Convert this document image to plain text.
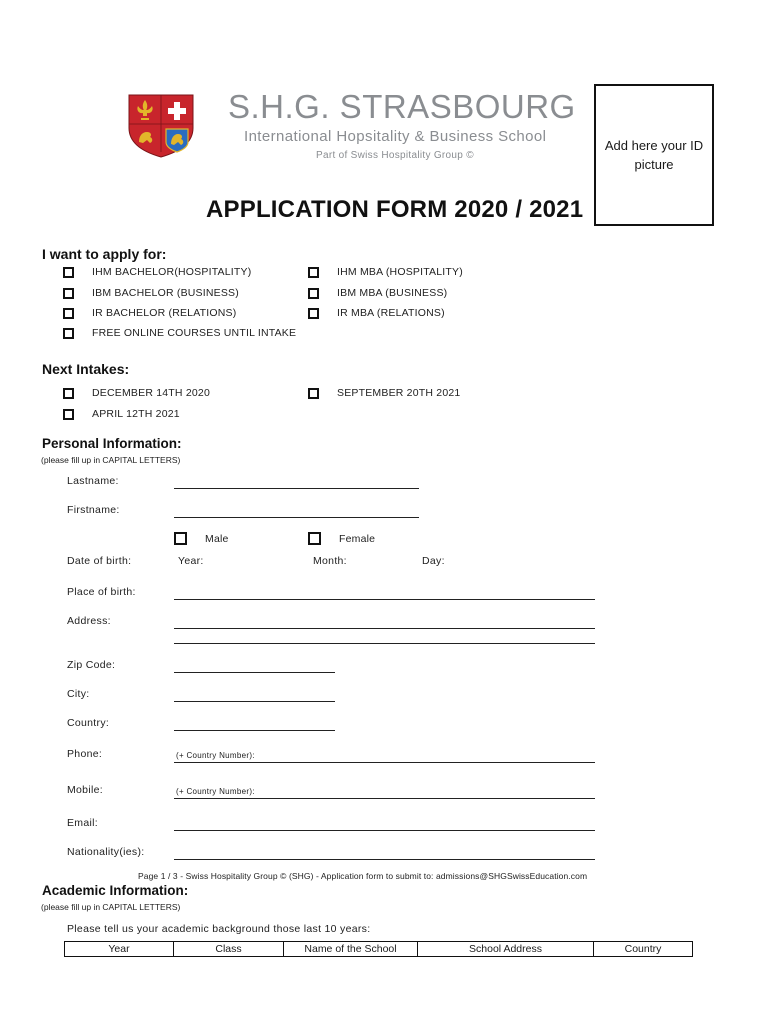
S.H.G. STRASBOURG
International Hopsitality & Business School
Part of Swiss Hospitality Group ©
Add here your ID picture
APPLICATION FORM 2020 / 2021
I want to apply for:
IHM BACHELOR(HOSPITALITY)
IBM BACHELOR (BUSINESS)
IR BACHELOR (RELATIONS)
FREE ONLINE COURSES UNTIL INTAKE
IHM MBA (HOSPITALITY)
IBM MBA (BUSINESS)
IR MBA (RELATIONS)
Next Intakes:
DECEMBER 14TH 2020
APRIL 12TH 2021
SEPTEMBER 20TH 2021
Personal Information:
(please fill up in CAPITAL LETTERS)
Lastname:
Firstname:
Male	Female
Date of birth:	Year:	Month:	Day:
Place of birth:
Address:
Zip Code:
City:
Country:
Phone:	(+ Country Number):
Mobile:	(+ Country Number):
Email:
Nationality(ies):
Page 1 / 3 - Swiss Hospitality Group © (SHG) - Application form to submit to: admissions@SHGSwissEducation.com
Academic Information:
(please fill up in CAPITAL LETTERS)
Please tell us your academic background those last 10 years:
Year	Class	Name of the School	School Address	Country
